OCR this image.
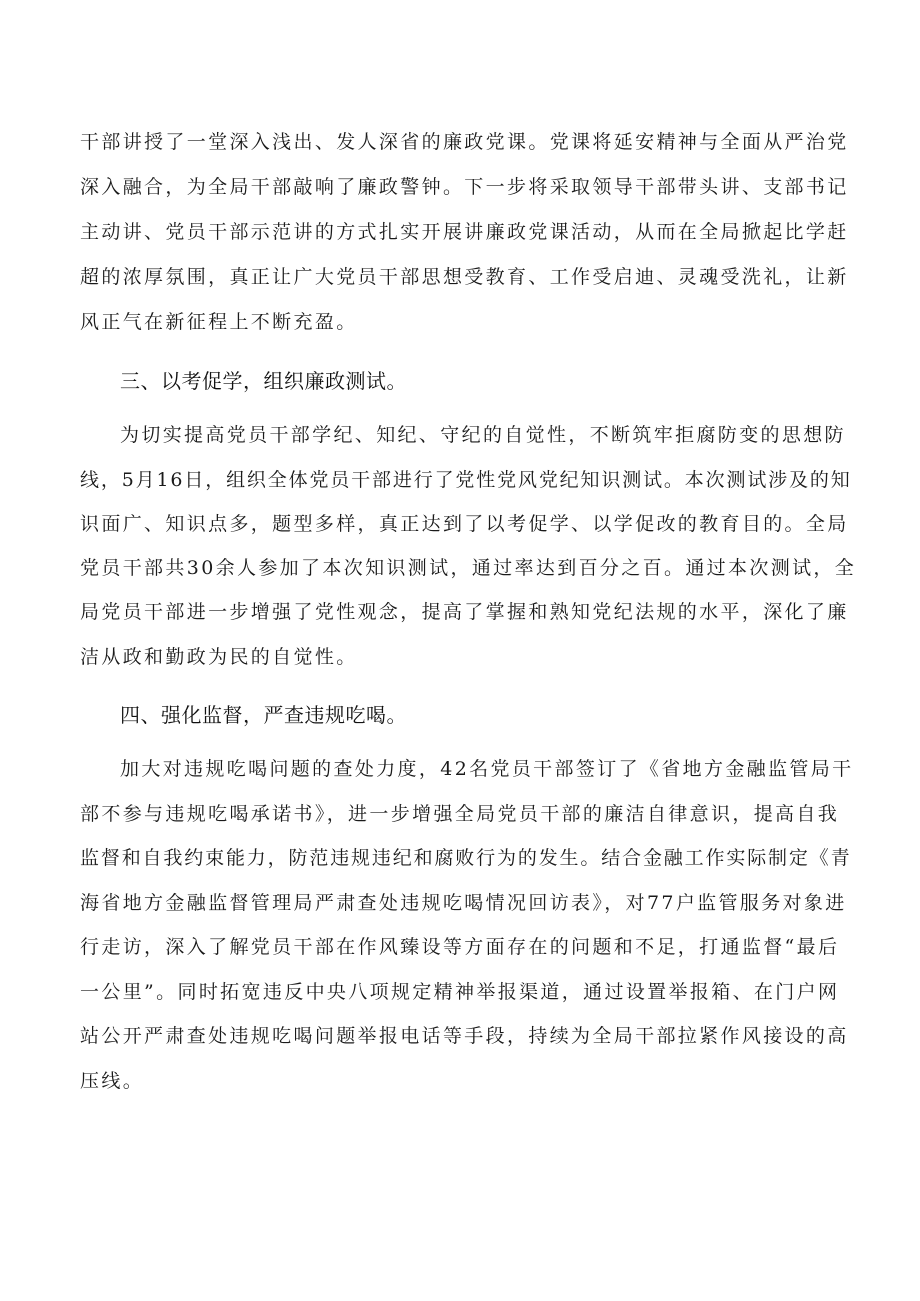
干部讲授了一堂深入浅出、发人深省的廉政党课。党课将延安精神与全面从严治党
深入融合，为全局干部敲响了廉政警钟。下一步将采取领导干部带头讲、支部书记
主动讲、党员干部示范讲的方式扎实开展讲廉政党课活动，从而在全局掀起比学赶
超的浓厚氛围，真正让广大党员干部思想受教育、工作受启迪、灵魂受洗礼，让新
风正气在新征程上不断充盈。
三、以考促学，组织廉政测试。
为切实提高党员干部学纪、知纪、守纪的自觉性，不断筑牢拒腐防变的思想防
线，5月16日，组织全体党员干部进行了党性党风党纪知识测试。本次测试涉及的知
识面广、知识点多，题型多样，真正达到了以考促学、以学促改的教育目的。全局
党员干部共30余人参加了本次知识测试，通过率达到百分之百。通过本次测试，全
局党员干部进一步增强了党性观念，提高了掌握和熟知党纪法规的水平，深化了廉
洁从政和勤政为民的自觉性。
四、强化监督，严查违规吃喝。
加大对违规吃喝问题的查处力度，42名党员干部签订了《省地方金融监管局干
部不参与违规吃喝承诺书》，进一步增强全局党员干部的廉洁自律意识，提高自我
监督和自我约束能力，防范违规违纪和腐败行为的发生。结合金融工作实际制定《青
海省地方金融监督管理局严肃查处违规吃喝情况回访表》，对77户监管服务对象进
行走访，深入了解党员干部在作风臻设等方面存在的问题和不足，打通监督“最后
一公里”。同时拓宽违反中央八项规定精神举报渠道，通过设置举报箱、在门户网
站公开严肃查处违规吃喝问题举报电话等手段，持续为全局干部拉紧作风接设的高
压线。
